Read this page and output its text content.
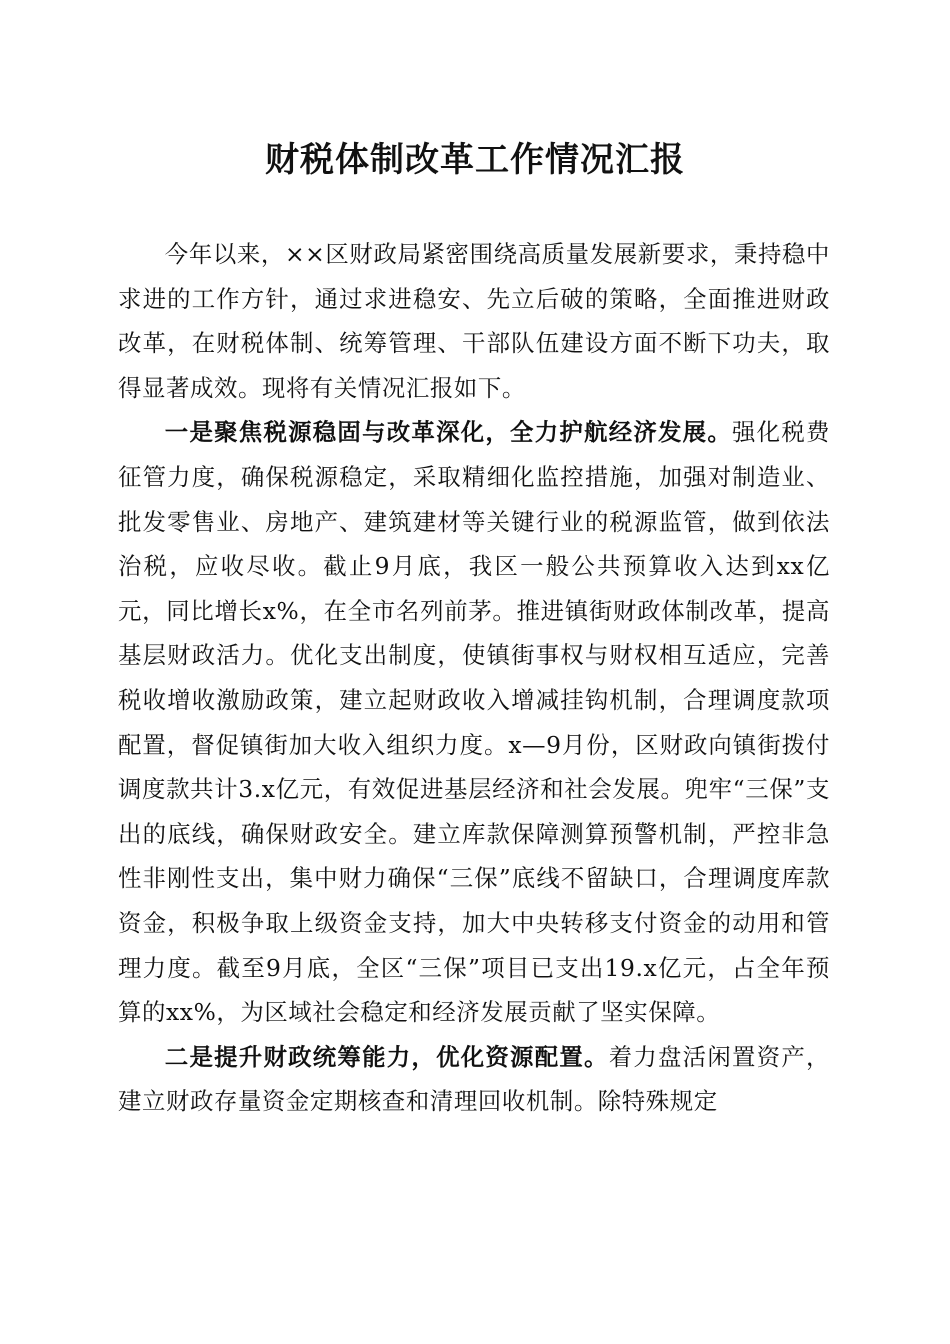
财税体制改革工作情况汇报

今年以来，××区财政局紧密围绕高质量发展新要求，秉持稳中求进的工作方针，通过求进稳安、先立后破的策略，全面推进财政改革，在财税体制、统筹管理、干部队伍建设方面不断下功夫，取得显著成效。现将有关情况汇报如下。

一是聚焦税源稳固与改革深化，全力护航经济发展。强化税费征管力度，确保税源稳定，采取精细化监控措施，加强对制造业、批发零售业、房地产、建筑建材等关键行业的税源监管，做到依法治税，应收尽收。截止9月底，我区一般公共预算收入达到xx亿元，同比增长x%，在全市名列前茅。推进镇街财政体制改革，提高基层财政活力。优化支出制度，使镇街事权与财权相互适应，完善税收增收激励政策，建立起财政收入增减挂钩机制，合理调度款项配置，督促镇街加大收入组织力度。x—9月份，区财政向镇街拨付调度款共计3.x亿元，有效促进基层经济和社会发展。兜牢“三保”支出的底线，确保财政安全。建立库款保障测算预警机制，严控非急性非刚性支出，集中财力确保“三保”底线不留缺口，合理调度库款资金，积极争取上级资金支持，加大中央转移支付资金的动用和管理力度。截至9月底，全区“三保”项目已支出19.x亿元，占全年预算的xx%，为区域社会稳定和经济发展贡献了坚实保障。

二是提升财政统筹能力，优化资源配置。着力盘活闲置资产，建立财政存量资金定期核查和清理回收机制。除特殊规定
